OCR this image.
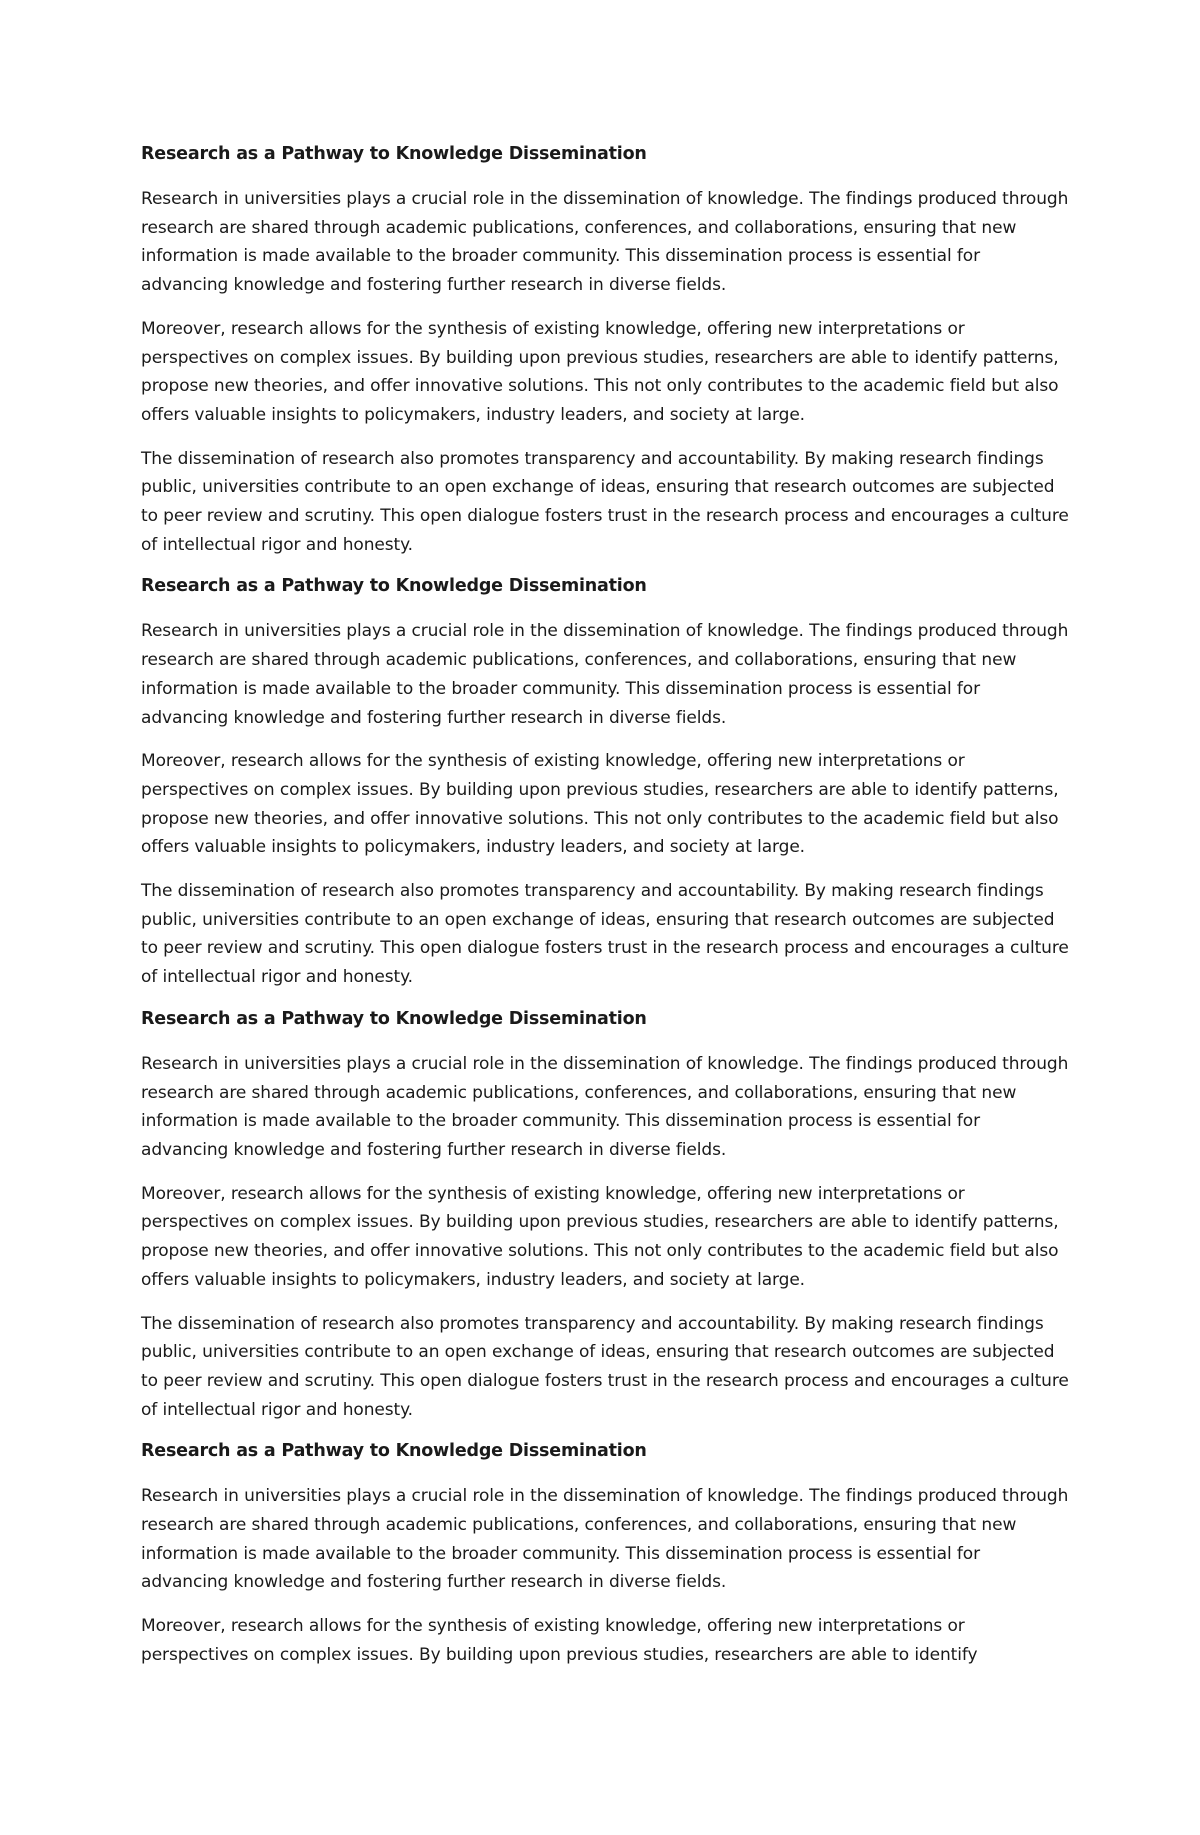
Research as a Pathway to Knowledge Dissemination

Research in universities plays a crucial role in the dissemination of knowledge. The findings produced through research are shared through academic publications, conferences, and collaborations, ensuring that new information is made available to the broader community. This dissemination process is essential for advancing knowledge and fostering further research in diverse fields.

Moreover, research allows for the synthesis of existing knowledge, offering new interpretations or perspectives on complex issues. By building upon previous studies, researchers are able to identify patterns, propose new theories, and offer innovative solutions. This not only contributes to the academic field but also offers valuable insights to policymakers, industry leaders, and society at large.

The dissemination of research also promotes transparency and accountability. By making research findings public, universities contribute to an open exchange of ideas, ensuring that research outcomes are subjected to peer review and scrutiny. This open dialogue fosters trust in the research process and encourages a culture of intellectual rigor and honesty.

Research as a Pathway to Knowledge Dissemination

Research in universities plays a crucial role in the dissemination of knowledge. The findings produced through research are shared through academic publications, conferences, and collaborations, ensuring that new information is made available to the broader community. This dissemination process is essential for advancing knowledge and fostering further research in diverse fields.

Moreover, research allows for the synthesis of existing knowledge, offering new interpretations or perspectives on complex issues. By building upon previous studies, researchers are able to identify patterns, propose new theories, and offer innovative solutions. This not only contributes to the academic field but also offers valuable insights to policymakers, industry leaders, and society at large.

The dissemination of research also promotes transparency and accountability. By making research findings public, universities contribute to an open exchange of ideas, ensuring that research outcomes are subjected to peer review and scrutiny. This open dialogue fosters trust in the research process and encourages a culture of intellectual rigor and honesty.

Research as a Pathway to Knowledge Dissemination

Research in universities plays a crucial role in the dissemination of knowledge. The findings produced through research are shared through academic publications, conferences, and collaborations, ensuring that new information is made available to the broader community. This dissemination process is essential for advancing knowledge and fostering further research in diverse fields.

Moreover, research allows for the synthesis of existing knowledge, offering new interpretations or perspectives on complex issues. By building upon previous studies, researchers are able to identify patterns, propose new theories, and offer innovative solutions. This not only contributes to the academic field but also offers valuable insights to policymakers, industry leaders, and society at large.

The dissemination of research also promotes transparency and accountability. By making research findings public, universities contribute to an open exchange of ideas, ensuring that research outcomes are subjected to peer review and scrutiny. This open dialogue fosters trust in the research process and encourages a culture of intellectual rigor and honesty.

Research as a Pathway to Knowledge Dissemination

Research in universities plays a crucial role in the dissemination of knowledge. The findings produced through research are shared through academic publications, conferences, and collaborations, ensuring that new information is made available to the broader community. This dissemination process is essential for advancing knowledge and fostering further research in diverse fields.

Moreover, research allows for the synthesis of existing knowledge, offering new interpretations or perspectives on complex issues. By building upon previous studies, researchers are able to identify
